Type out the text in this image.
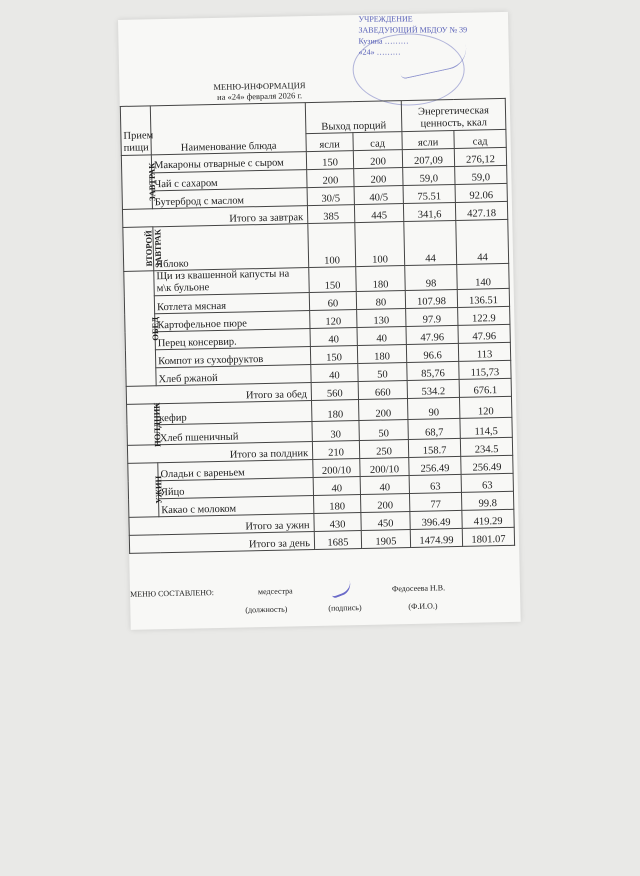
УЧРЕЖДЕНИЕ
ЗАВЕДУЮЩИЙ МБДОУ № 39
Кузина ………
«24» ………
МЕНЮ-ИНФОРМАЦИЯ
на «24» февраля 2026 г.
Прием пищи	Наименование блюда	Выход порций		Энергетическая ценность, ккал	
		ясли	сад	ясли	сад
ЗАВТРАК	Макароны отварные с сыром	150	200	207,09	276,12
	Чай с сахаром	200	200	59,0	59,0
	Бутерброд с маслом	30/5	40/5	75.51	92.06
Итого за завтрак		385	445	341,6	427.18
ВТОРОЙ ЗАВТРАК	Яблоко	100	100	44	44
ОБЕД	Щи из квашенной капусты на м\к бульоне	150	180	98	140
	Котлета мясная	60	80	107.98	136.51
	Картофельное пюре	120	130	97.9	122.9
	Перец консервир.	40	40	47.96	47.96
	Компот из сухофруктов	150	180	96.6	113
	Хлеб ржаной	40	50	85,76	115,73
Итого за обед		560	660	534.2	676.1
ПОЛДНИК	кефир	180	200	90	120
	Хлеб пшеничный	30	50	68,7	114,5
Итого за полдник		210	250	158.7	234.5
УЖИН	Оладьи с вареньем	200/10	200/10	256.49	256.49
	Яйцо	40	40	63	63
	Какао с молоком	180	200	77	99.8
Итого за ужин		430	450	396.49	419.29
Итого за день		1685	1905	1474.99	1801.07
МЕНЮ СОСТАВЛЕНО:	медсестра	Федосеева Н.В.
(должность)	(подпись)	(Ф.И.О.)
